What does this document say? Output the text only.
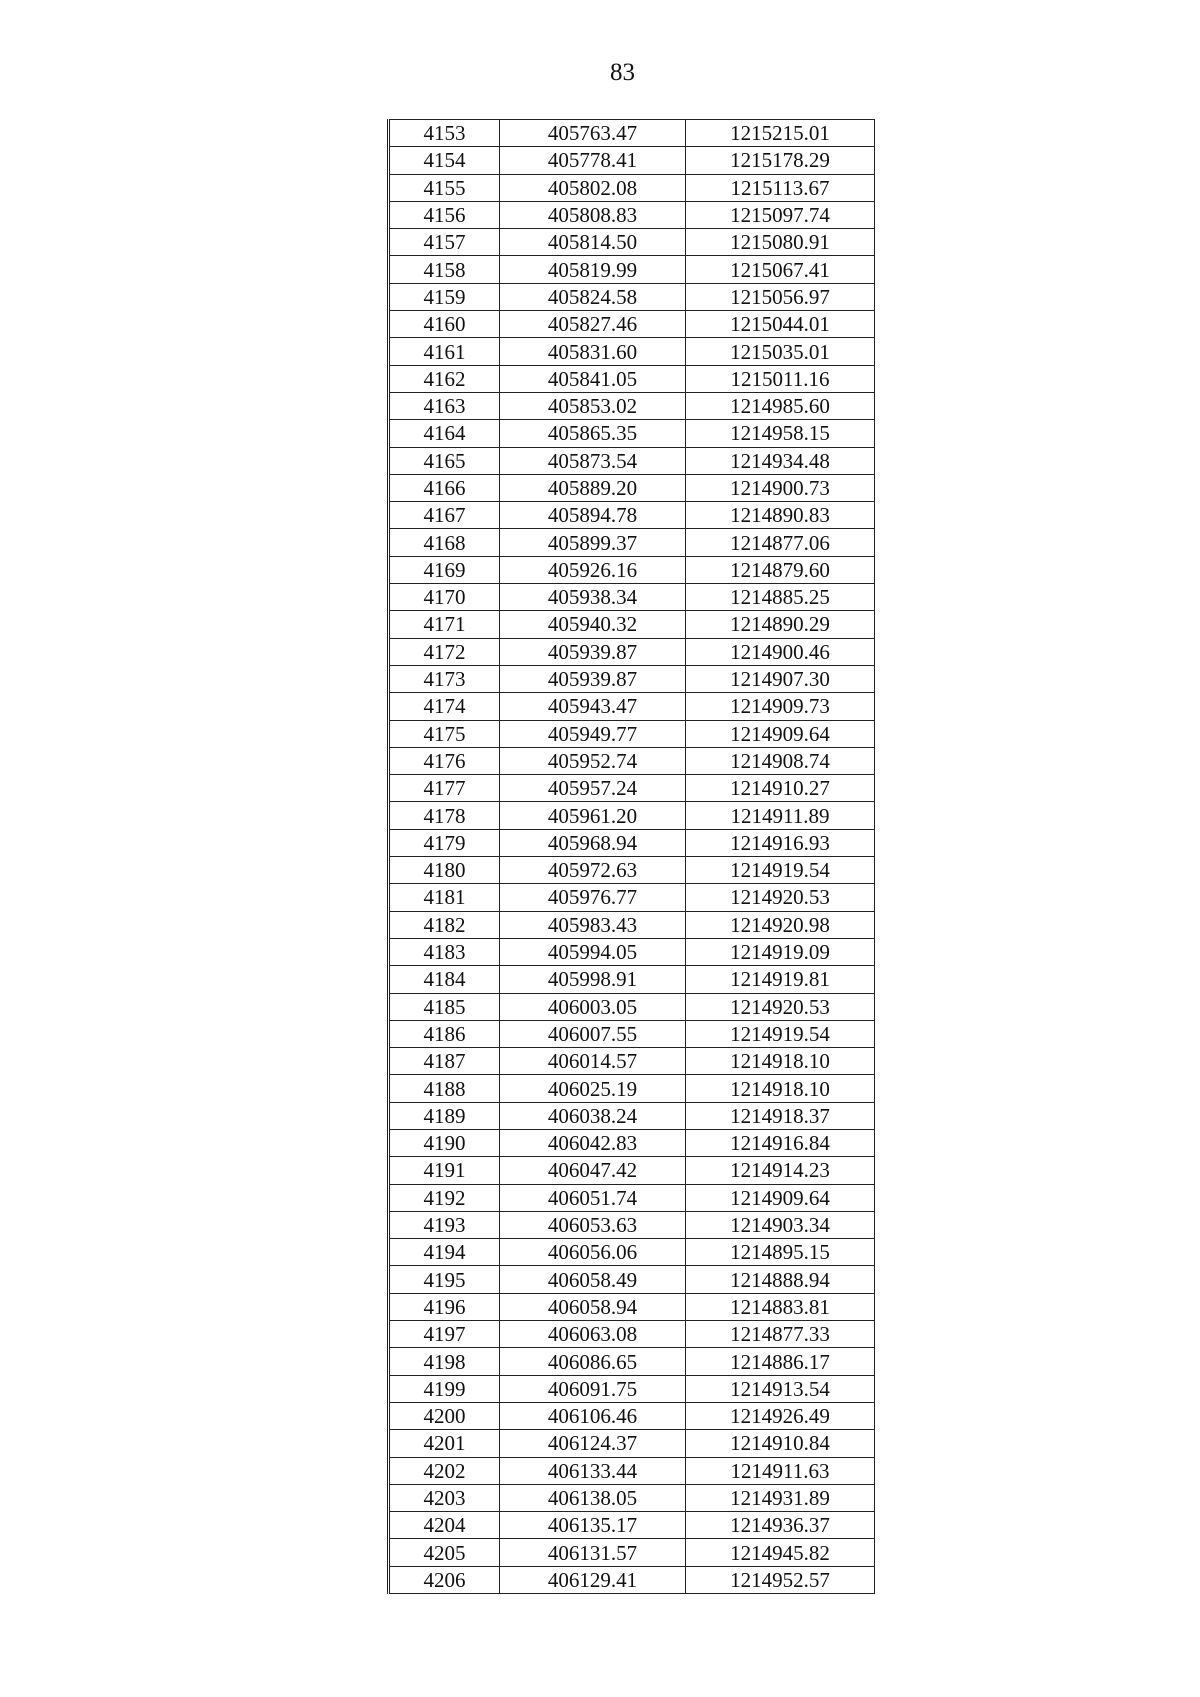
83
4153	405763.47	1215215.01
4154	405778.41	1215178.29
4155	405802.08	1215113.67
4156	405808.83	1215097.74
4157	405814.50	1215080.91
4158	405819.99	1215067.41
4159	405824.58	1215056.97
4160	405827.46	1215044.01
4161	405831.60	1215035.01
4162	405841.05	1215011.16
4163	405853.02	1214985.60
4164	405865.35	1214958.15
4165	405873.54	1214934.48
4166	405889.20	1214900.73
4167	405894.78	1214890.83
4168	405899.37	1214877.06
4169	405926.16	1214879.60
4170	405938.34	1214885.25
4171	405940.32	1214890.29
4172	405939.87	1214900.46
4173	405939.87	1214907.30
4174	405943.47	1214909.73
4175	405949.77	1214909.64
4176	405952.74	1214908.74
4177	405957.24	1214910.27
4178	405961.20	1214911.89
4179	405968.94	1214916.93
4180	405972.63	1214919.54
4181	405976.77	1214920.53
4182	405983.43	1214920.98
4183	405994.05	1214919.09
4184	405998.91	1214919.81
4185	406003.05	1214920.53
4186	406007.55	1214919.54
4187	406014.57	1214918.10
4188	406025.19	1214918.10
4189	406038.24	1214918.37
4190	406042.83	1214916.84
4191	406047.42	1214914.23
4192	406051.74	1214909.64
4193	406053.63	1214903.34
4194	406056.06	1214895.15
4195	406058.49	1214888.94
4196	406058.94	1214883.81
4197	406063.08	1214877.33
4198	406086.65	1214886.17
4199	406091.75	1214913.54
4200	406106.46	1214926.49
4201	406124.37	1214910.84
4202	406133.44	1214911.63
4203	406138.05	1214931.89
4204	406135.17	1214936.37
4205	406131.57	1214945.82
4206	406129.41	1214952.57
